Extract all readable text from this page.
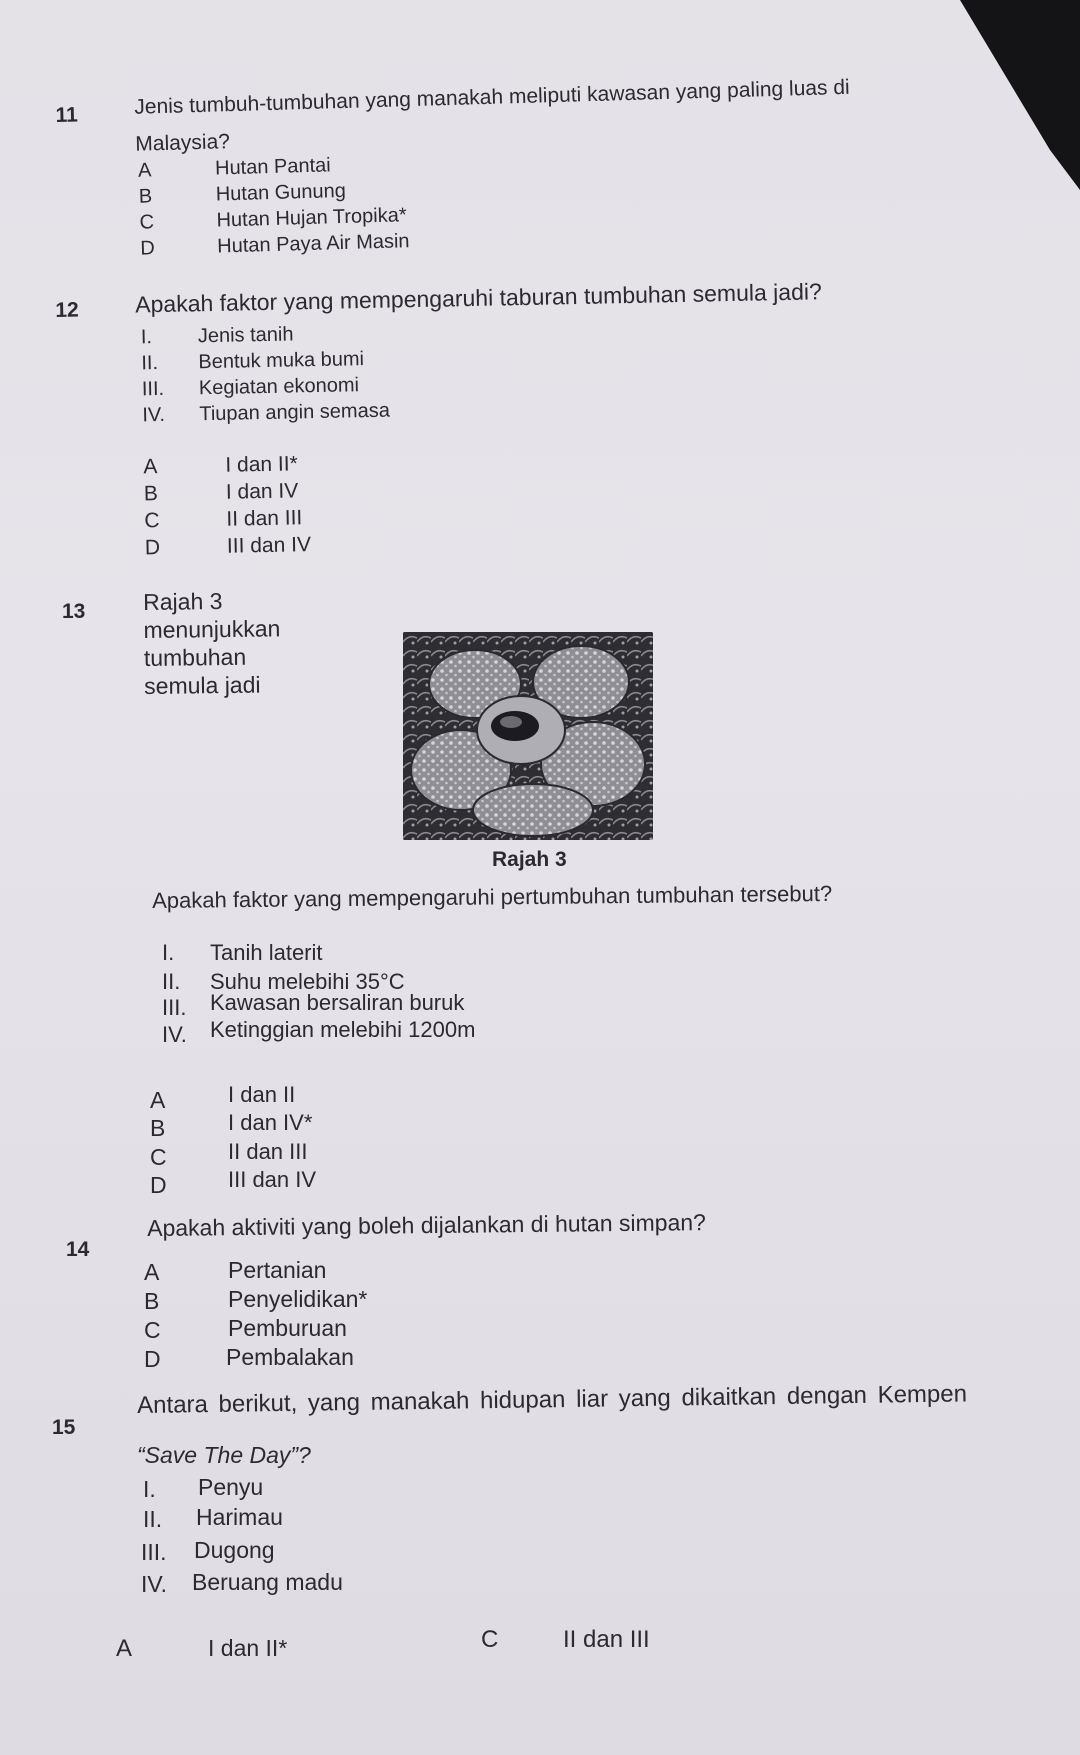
11	Jenis tumbuh-tumbuhan yang manakah meliputi kawasan yang paling luas di
Malaysia?
A	Hutan Pantai
B	Hutan Gunung
C	Hutan Hujan Tropika*
D	Hutan Paya Air Masin
12 Apakah faktor yang mempengaruhi taburan tumbuhan semula jadi?
I. Jenis tanih
II. Bentuk muka bumi
III. Kegiatan ekonomi
IV. Tiupan angin semasa
A	I dan II*
B	I dan IV
C	II dan III
D	III dan IV
13	Rajah 3 menunjukkan tumbuhan semula jadi
Rajah 3
Apakah faktor yang mempengaruhi pertumbuhan tumbuhan tersebut?
I. Tanih laterit
II. Suhu melebihi 35°C
III. Kawasan bersaliran buruk
IV. Ketinggian melebihi 1200m
A	I dan II
B	I dan IV*
C	II dan III
D	III dan IV
14
Apakah aktiviti yang boleh dijalankan di hutan simpan?
A	Pertanian
B	Penyelidikan*
C	Pemburuan
D	Pembalakan
15
Antara berikut, yang manakah hidupan liar yang dikaitkan dengan Kempen
“Save The Day”?
I. Penyu
II. Harimau
III. Dugong
IV. Beruang madu
A	I dan II*	C	II dan III
